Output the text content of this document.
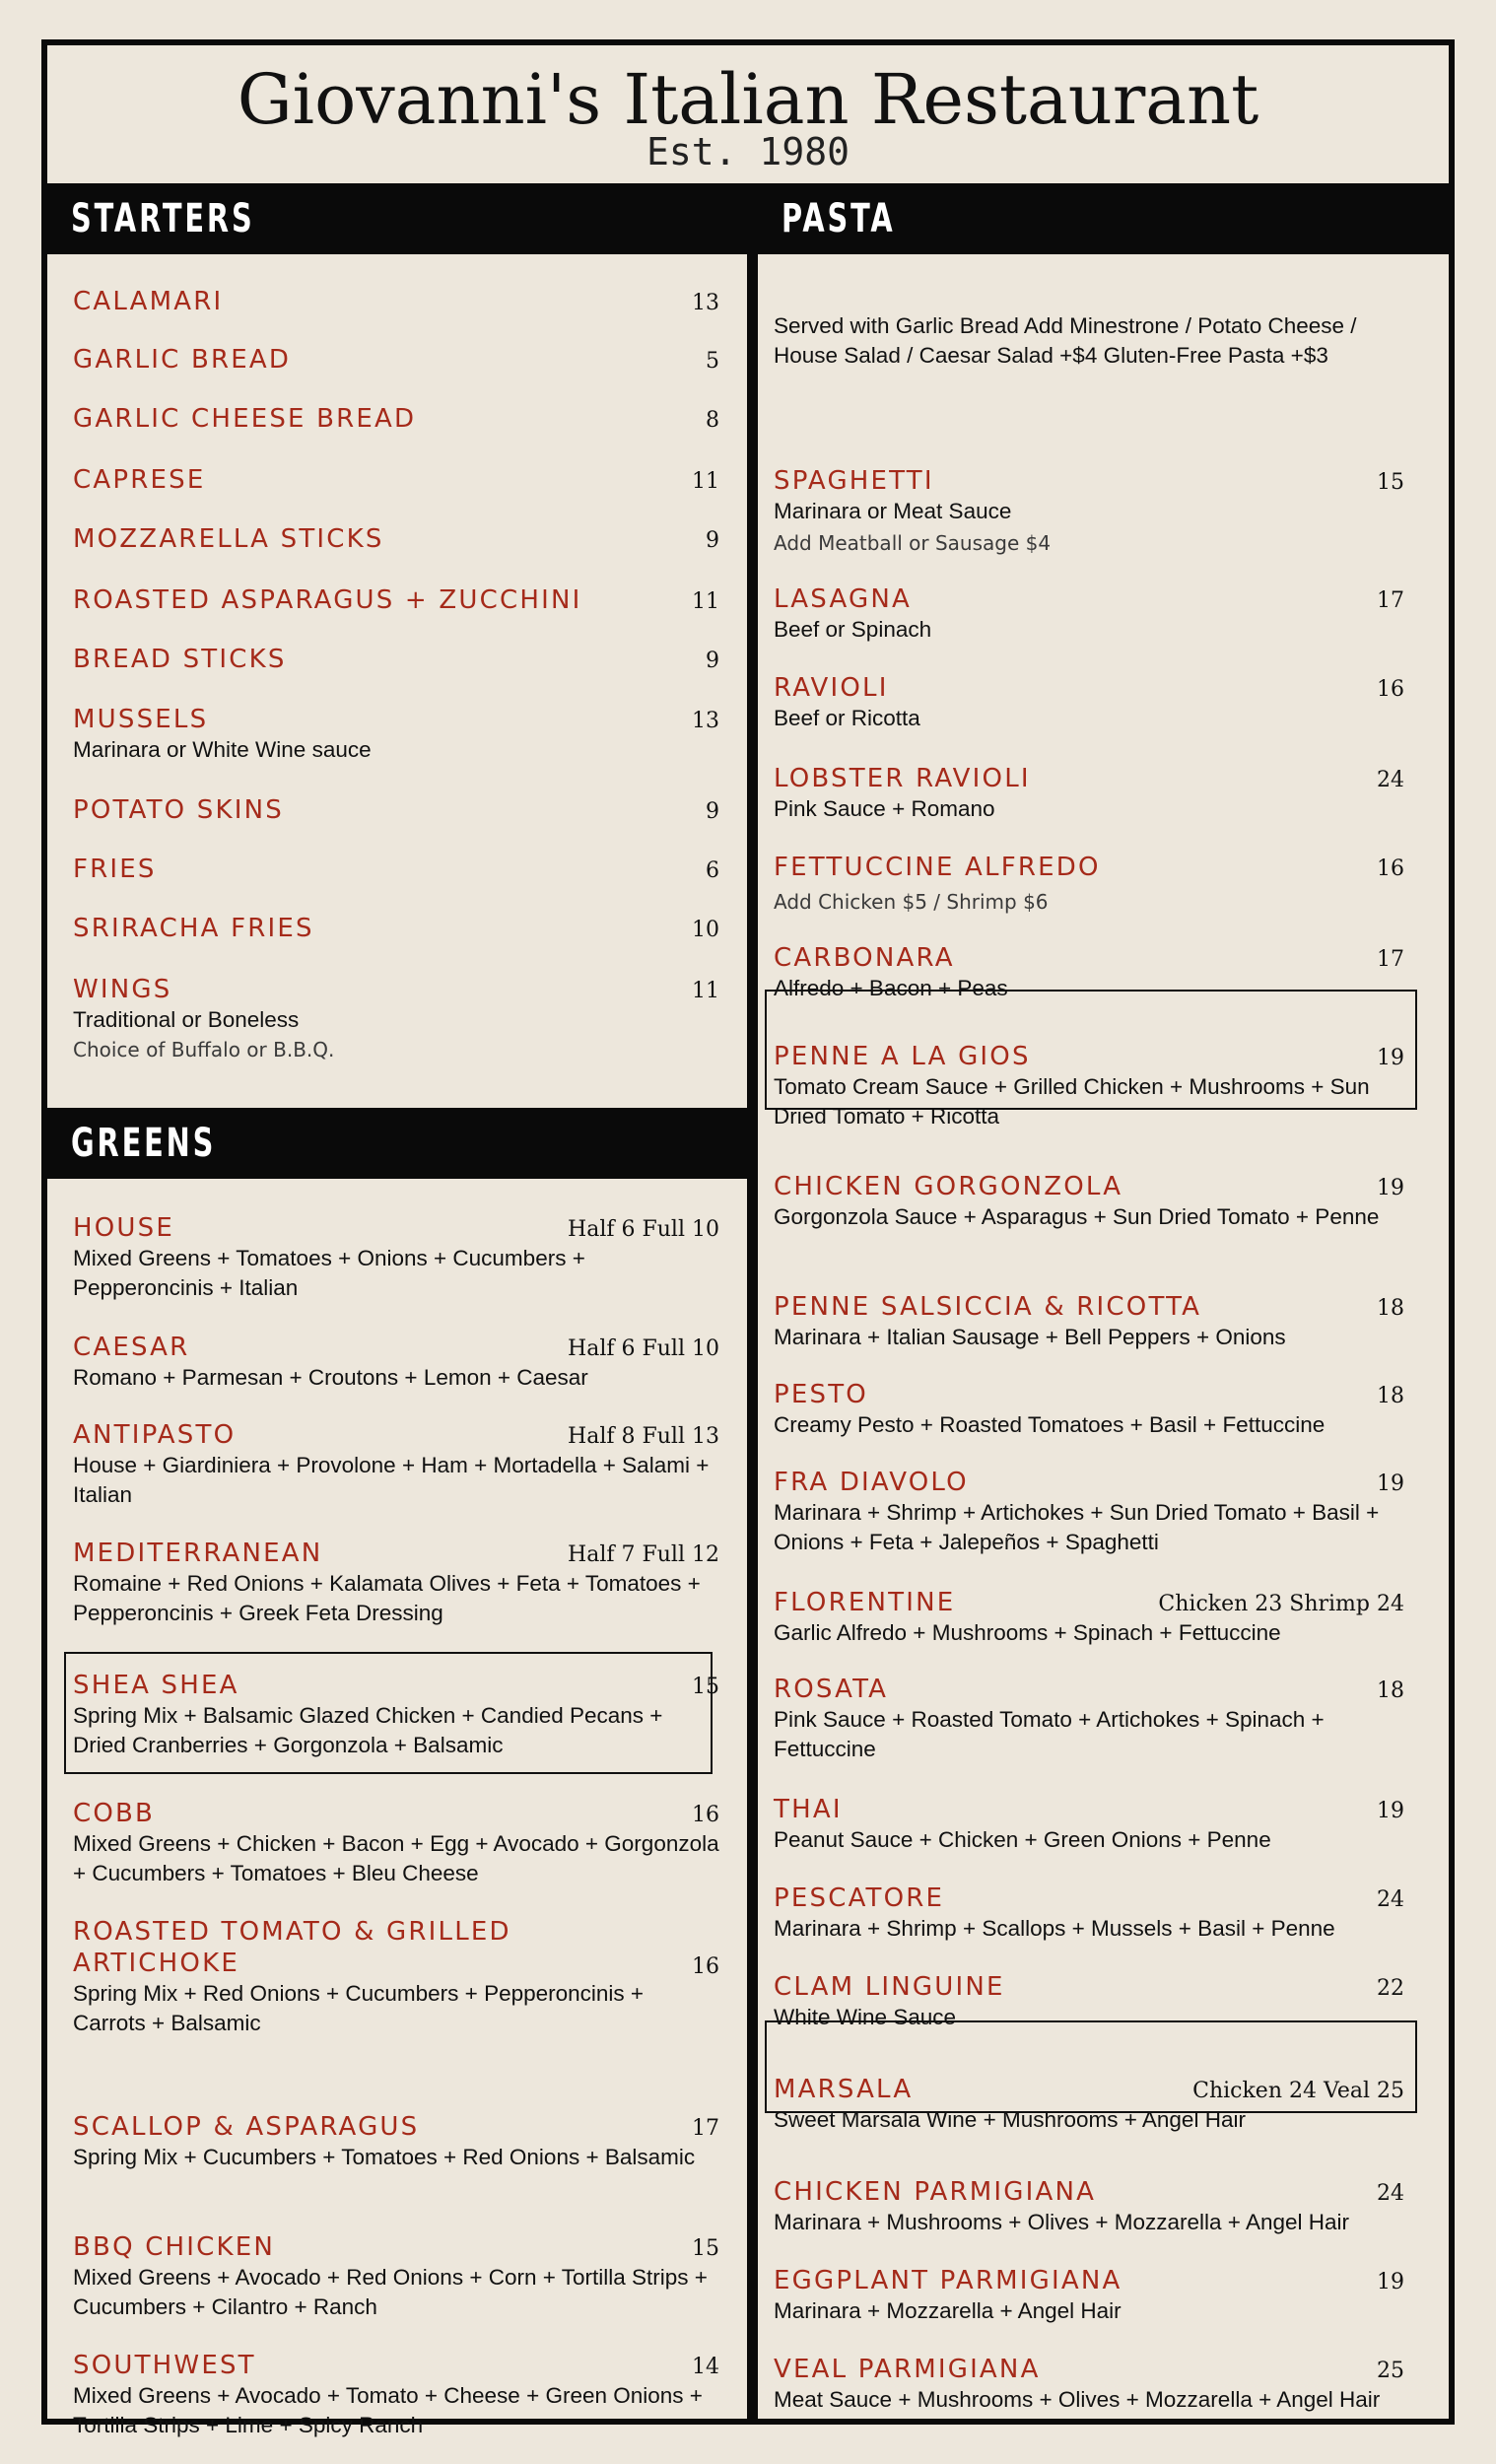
Giovanni's Italian Restaurant
Est. 1980
STARTERS	PASTA
GREENS
CALAMARI	13
GARLIC BREAD	5
GARLIC CHEESE BREAD	8
CAPRESE	11
MOZZARELLA STICKS	9
ROASTED ASPARAGUS + ZUCCHINI	11
BREAD STICKS	9
MUSSELS	13
Marinara or White Wine sauce
POTATO SKINS	9
FRIES	6
SRIRACHA FRIES	10
WINGS	11
Traditional or Boneless
Choice of Buffalo or B.B.Q.
HOUSE	Half 6 Full 10
Mixed Greens + Tomatoes + Onions + Cucumbers + Pepperoncinis + Italian
CAESAR	Half 6 Full 10
Romano + Parmesan + Croutons + Lemon + Caesar
ANTIPASTO	Half 8 Full 13
House + Giardiniera + Provolone + Ham + Mortadella + Salami + Italian
MEDITERRANEAN	Half 7 Full 12
Romaine + Red Onions + Kalamata Olives + Feta + Tomatoes + Pepperoncinis + Greek Feta Dressing
SHEA SHEA	15
Spring Mix + Balsamic Glazed Chicken + Candied Pecans + Dried Cranberries + Gorgonzola + Balsamic
COBB	16
Mixed Greens + Chicken + Bacon + Egg + Avocado + Gorgonzola + Cucumbers + Tomatoes + Bleu Cheese
ROASTED TOMATO & GRILLED ARTICHOKE	16
Spring Mix + Red Onions + Cucumbers + Pepperoncinis + Carrots + Balsamic
SCALLOP & ASPARAGUS	17
Spring Mix + Cucumbers + Tomatoes + Red Onions + Balsamic
BBQ CHICKEN	15
Mixed Greens + Avocado + Red Onions + Corn + Tortilla Strips + Cucumbers + Cilantro + Ranch
SOUTHWEST	14
Mixed Greens + Avocado + Tomato + Cheese + Green Onions + Tortilla Strips + Lime + Spicy Ranch
Served with Garlic Bread Add Minestrone / Potato Cheese / House Salad / Caesar Salad +$4 Gluten-Free Pasta +$3
SPAGHETTI	15
Marinara or Meat Sauce
Add Meatball or Sausage $4
LASAGNA	17
Beef or Spinach
RAVIOLI	16
Beef or Ricotta
LOBSTER RAVIOLI	24
Pink Sauce + Romano
FETTUCCINE ALFREDO	16
Add Chicken $5 / Shrimp $6
CARBONARA	17
Alfredo + Bacon + Peas
PENNE A LA GIOS	19
Tomato Cream Sauce + Grilled Chicken + Mushrooms + Sun Dried Tomato + Ricotta
CHICKEN GORGONZOLA	19
Gorgonzola Sauce + Asparagus + Sun Dried Tomato + Penne
PENNE SALSICCIA & RICOTTA	18
Marinara + Italian Sausage + Bell Peppers + Onions
PESTO	18
Creamy Pesto + Roasted Tomatoes + Basil + Fettuccine
FRA DIAVOLO	19
Marinara + Shrimp + Artichokes + Sun Dried Tomato + Basil + Onions + Feta + Jalepeños + Spaghetti
FLORENTINE	Chicken 23 Shrimp 24
Garlic Alfredo + Mushrooms + Spinach + Fettuccine
ROSATA	18
Pink Sauce + Roasted Tomato + Artichokes + Spinach + Fettuccine
THAI	19
Peanut Sauce + Chicken + Green Onions + Penne
PESCATORE	24
Marinara + Shrimp + Scallops + Mussels + Basil + Penne
CLAM LINGUINE	22
White Wine Sauce
MARSALA	Chicken 24 Veal 25
Sweet Marsala Wine + Mushrooms + Angel Hair
CHICKEN PARMIGIANA	24
Marinara + Mushrooms + Olives + Mozzarella + Angel Hair
EGGPLANT PARMIGIANA	19
Marinara + Mozzarella + Angel Hair
VEAL PARMIGIANA	25
Meat Sauce + Mushrooms + Olives + Mozzarella + Angel Hair
